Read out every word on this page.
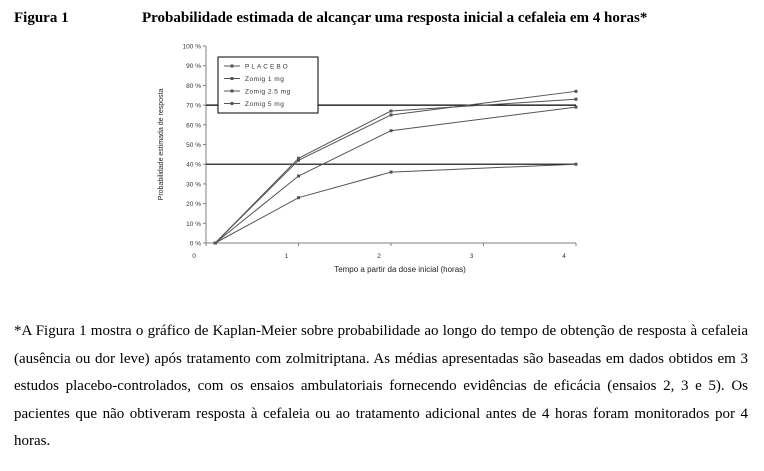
Figura 1	Probabilidade estimada de alcançar uma resposta inicial a cefaleia em 4 horas*
0 %
10 %
20 %
30 %
40 %
50 %
60 %
70 %
80 %
90 %
100 %
0	1	2	3	4
Tempo a partir da dose inicial (horas)
Probabilidade estimada de resposta
PLACEBO
Zomig 1 mg
Zomig 2.5 mg
Zomig 5 mg

*A Figura 1 mostra o gráfico de Kaplan-Meier sobre probabilidade ao longo do tempo de obtenção de resposta à cefaleia (ausência ou dor leve) após tratamento com zolmitriptana. As médias apresentadas são baseadas em dados obtidos em 3 estudos placebo-controlados, com os ensaios ambulatoriais fornecendo evidências de eficácia (ensaios 2, 3 e 5). Os pacientes que não obtiveram resposta à cefaleia ou ao tratamento adicional antes de 4 horas foram monitorados por 4 horas.
